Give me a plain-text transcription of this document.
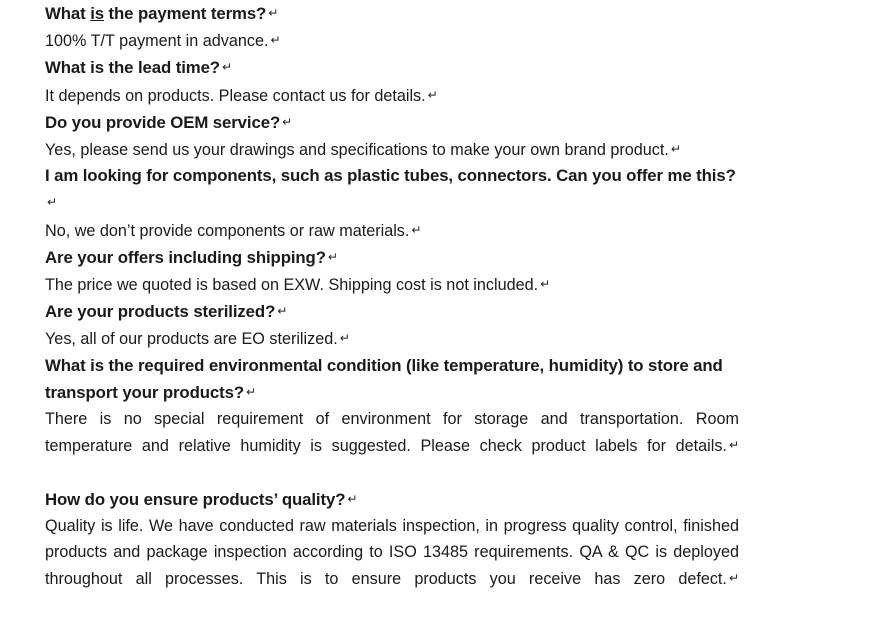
What is the payment terms? ↵

100% T/T payment in advance. ↵

What is the lead time? ↵

It depends on products. Please contact us for details. ↵

Do you provide OEM service? ↵

Yes, please send us your drawings and specifications to make your own brand product. ↵

I am looking for components, such as plastic tubes, connectors. Can you offer me this?↵

No, we don’t provide components or raw materials. ↵

Are your offers including shipping? ↵

The price we quoted is based on EXW. Shipping cost is not included. ↵

Are your products sterilized? ↵

Yes, all of our products are EO sterilized. ↵

What is the required environmental condition (like temperature, humidity) to store and transport your products? ↵

There is no special requirement of environment for storage and transportation. Room temperature and relative humidity is suggested. Please check product labels for details. ↵

How do you ensure products’ quality? ↵

Quality is life. We have conducted raw materials inspection, in progress quality control, finished products and package inspection according to ISO 13485 requirements. QA & QC is deployed throughout all processes. This is to ensure products you receive has zero defect. ↵
